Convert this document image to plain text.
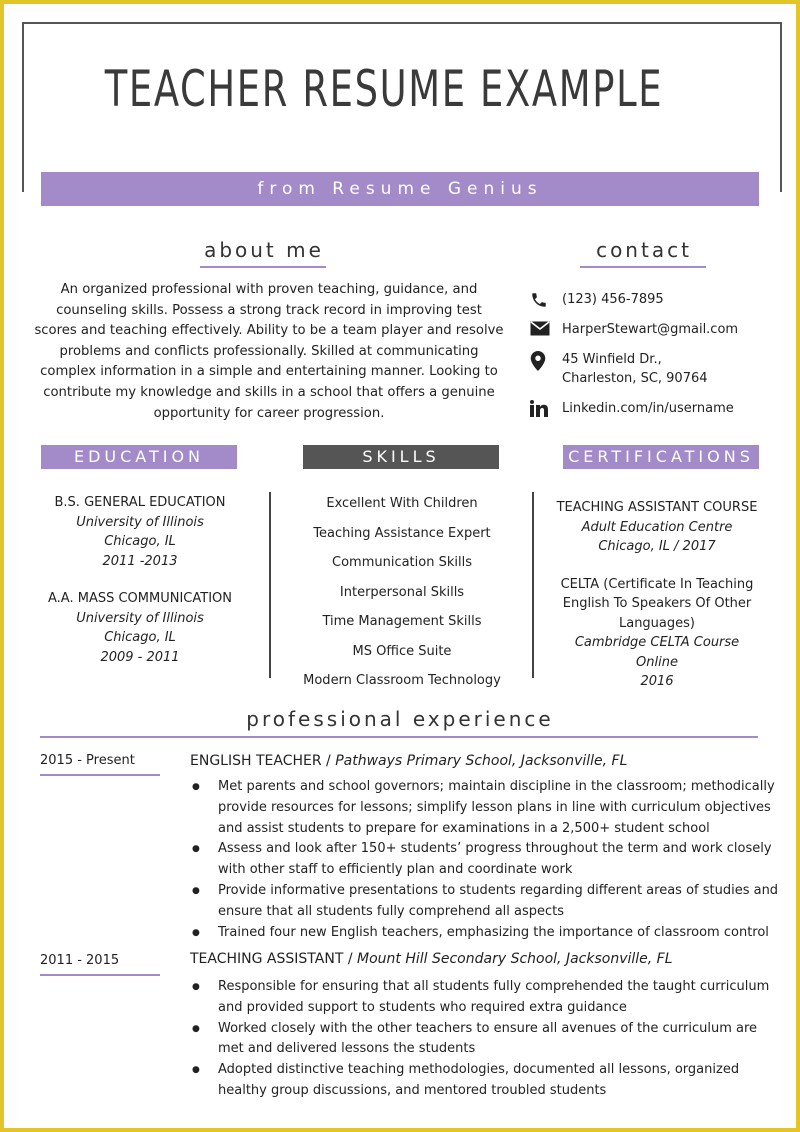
TEACHER RESUME EXAMPLE
from Resume Genius
about me
An organized professional with proven teaching, guidance, and counseling skills. Possess a strong track record in improving test scores and teaching effectively. Ability to be a team player and resolve problems and conflicts professionally. Skilled at communicating complex information in a simple and entertaining manner. Looking to contribute my knowledge and skills in a school that offers a genuine opportunity for career progression.
contact
(123) 456-7895
HarperStewart@gmail.com
45 Winfield Dr.,
Charleston, SC, 90764
Linkedin.com/in/username
EDUCATION	SKILLS	CERTIFICATIONS
B.S. GENERAL EDUCATION
University of Illinois
Chicago, IL
2011 -2013
A.A. MASS COMMUNICATION
University of Illinois
Chicago, IL
2009 - 2011
Excellent With Children
Teaching Assistance Expert
Communication Skills
Interpersonal Skills
Time Management Skills
MS Office Suite
Modern Classroom Technology
TEACHING ASSISTANT COURSE
Adult Education Centre
Chicago, IL / 2017
CELTA (Certificate In Teaching English To Speakers Of Other Languages)
Cambridge CELTA Course Online
2016
professional experience
2015 - Present	ENGLISH TEACHER / Pathways Primary School, Jacksonville, FL
● Met parents and school governors; maintain discipline in the classroom; methodically provide resources for lessons; simplify lesson plans in line with curriculum objectives and assist students to prepare for examinations in a 2,500+ student school
● Assess and look after 150+ students’ progress throughout the term and work closely with other staff to efficiently plan and coordinate work
● Provide informative presentations to students regarding different areas of studies and ensure that all students fully comprehend all aspects
● Trained four new English teachers, emphasizing the importance of classroom control
2011 - 2015	TEACHING ASSISTANT / Mount Hill Secondary School, Jacksonville, FL
● Responsible for ensuring that all students fully comprehended the taught curriculum and provided support to students who required extra guidance
● Worked closely with the other teachers to ensure all avenues of the curriculum are met and delivered lessons the students
● Adopted distinctive teaching methodologies, documented all lessons, organized healthy group discussions, and mentored troubled students
